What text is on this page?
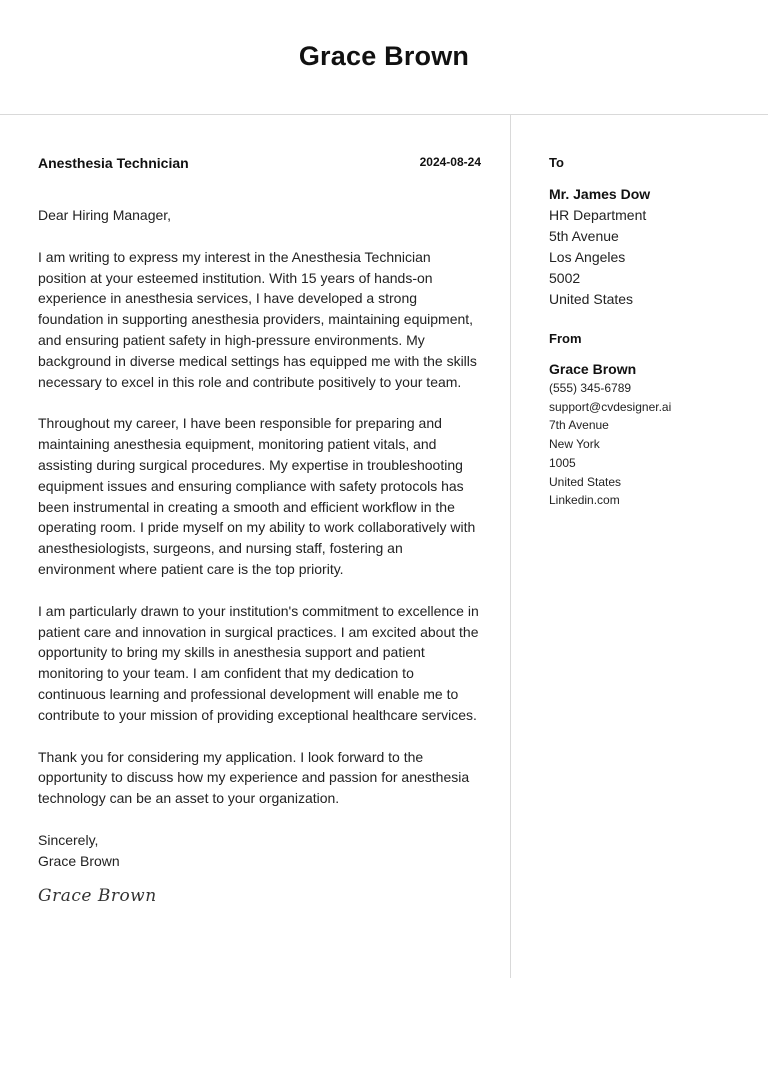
Grace Brown
Anesthesia Technician	2024-08-24

Dear Hiring Manager,

I am writing to express my interest in the Anesthesia Technician position at your esteemed institution. With 15 years of hands-on experience in anesthesia services, I have developed a strong foundation in supporting anesthesia providers, maintaining equipment, and ensuring patient safety in high-pressure environments. My background in diverse medical settings has equipped me with the skills necessary to excel in this role and contribute positively to your team.

Throughout my career, I have been responsible for preparing and maintaining anesthesia equipment, monitoring patient vitals, and assisting during surgical procedures. My expertise in troubleshooting equipment issues and ensuring compliance with safety protocols has been instrumental in creating a smooth and efficient workflow in the operating room. I pride myself on my ability to work collaboratively with anesthesiologists, surgeons, and nursing staff, fostering an environment where patient care is the top priority.

I am particularly drawn to your institution's commitment to excellence in patient care and innovation in surgical practices. I am excited about the opportunity to bring my skills in anesthesia support and patient monitoring to your team. I am confident that my dedication to continuous learning and professional development will enable me to contribute to your mission of providing exceptional healthcare services.

Thank you for considering my application. I look forward to the opportunity to discuss how my experience and passion for anesthesia technology can be an asset to your organization.

Sincerely,

Grace Brown

Grace Brown
To
Mr. James Dow
HR Department
5th Avenue
Los Angeles
5002
United States
From
Grace Brown
(555) 345-6789
support@cvdesigner.ai
7th Avenue
New York
1005
United States
Linkedin.com
